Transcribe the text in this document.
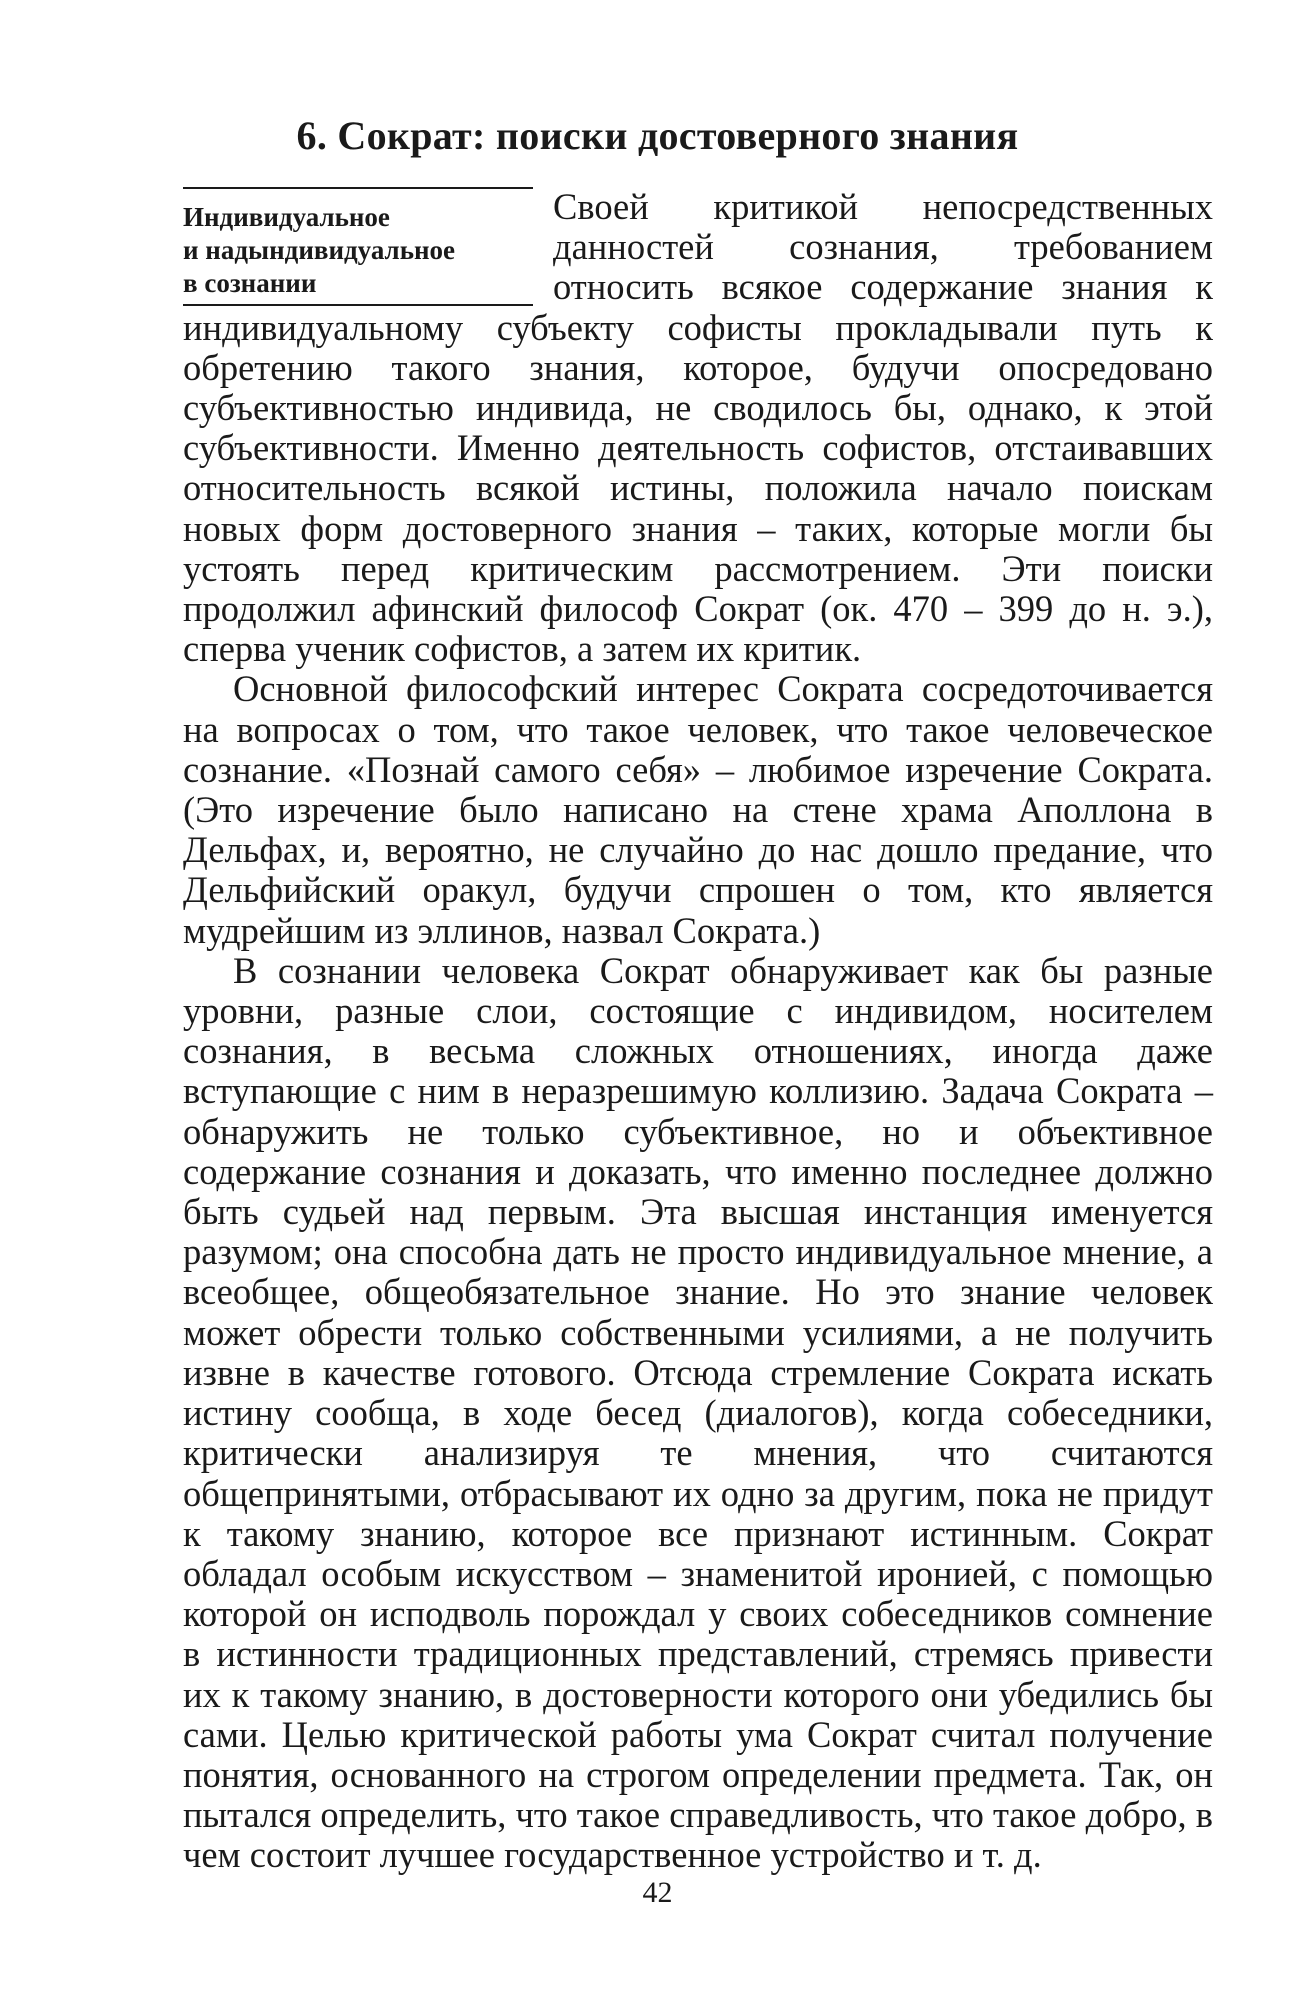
6. Сократ: поиски достоверного знания
Индивидуальное
и надындивидуальное
в сознании

Своей критикой непосредственных данностей сознания, требованием относить всякое содержание знания к индивидуальному субъекту софисты прокладывали путь к обретению такого знания, которое, будучи опосредовано субъективностью индивида, не сводилось бы, однако, к этой субъективности. Именно деятельность софистов, отстаивавших относительность всякой истины, положила начало поискам новых форм достоверного знания – таких, которые могли бы устоять перед критическим рассмотрением. Эти поиски продолжил афинский философ Сократ (ок. 470 – 399 до н. э.), сперва ученик софистов, а затем их критик.

Основной философский интерес Сократа сосредоточивается на вопросах о том, что такое человек, что такое человеческое сознание. «Познай самого себя» – любимое изречение Сократа. (Это изречение было написано на стене храма Аполлона в Дельфах, и, вероятно, не случайно до нас дошло предание, что Дельфийский оракул, будучи спрошен о том, кто является мудрейшим из эллинов, назвал Сократа.)

В сознании человека Сократ обнаруживает как бы разные уровни, разные слои, состоящие с индивидом, носителем сознания, в весьма сложных отношениях, иногда даже вступающие с ним в неразрешимую коллизию. Задача Сократа – обнаружить не только субъективное, но и объективное содержание сознания и доказать, что именно последнее должно быть судьей над первым. Эта высшая инстанция именуется разумом; она способна дать не просто индивидуальное мнение, а всеобщее, общеобязательное знание. Но это знание человек может обрести только собственными усилиями, а не получить извне в качестве готового. Отсюда стремление Сократа искать истину сообща, в ходе бесед (диалогов), когда собеседники, критически анализируя те мнения, что считаются общепринятыми, отбрасывают их одно за другим, пока не придут к такому знанию, которое все признают истинным. Сократ обладал особым искусством – знаменитой иронией, с помощью которой он исподволь порождал у своих собеседников сомнение в истинности традиционных представлений, стремясь привести их к такому знанию, в достоверности которого они убедились бы сами. Целью критической работы ума Сократ считал получение понятия, основанного на строгом определении предмета. Так, он пытался определить, что такое справедливость, что такое добро, в чем состоит лучшее государственное устройство и т. д.

42
